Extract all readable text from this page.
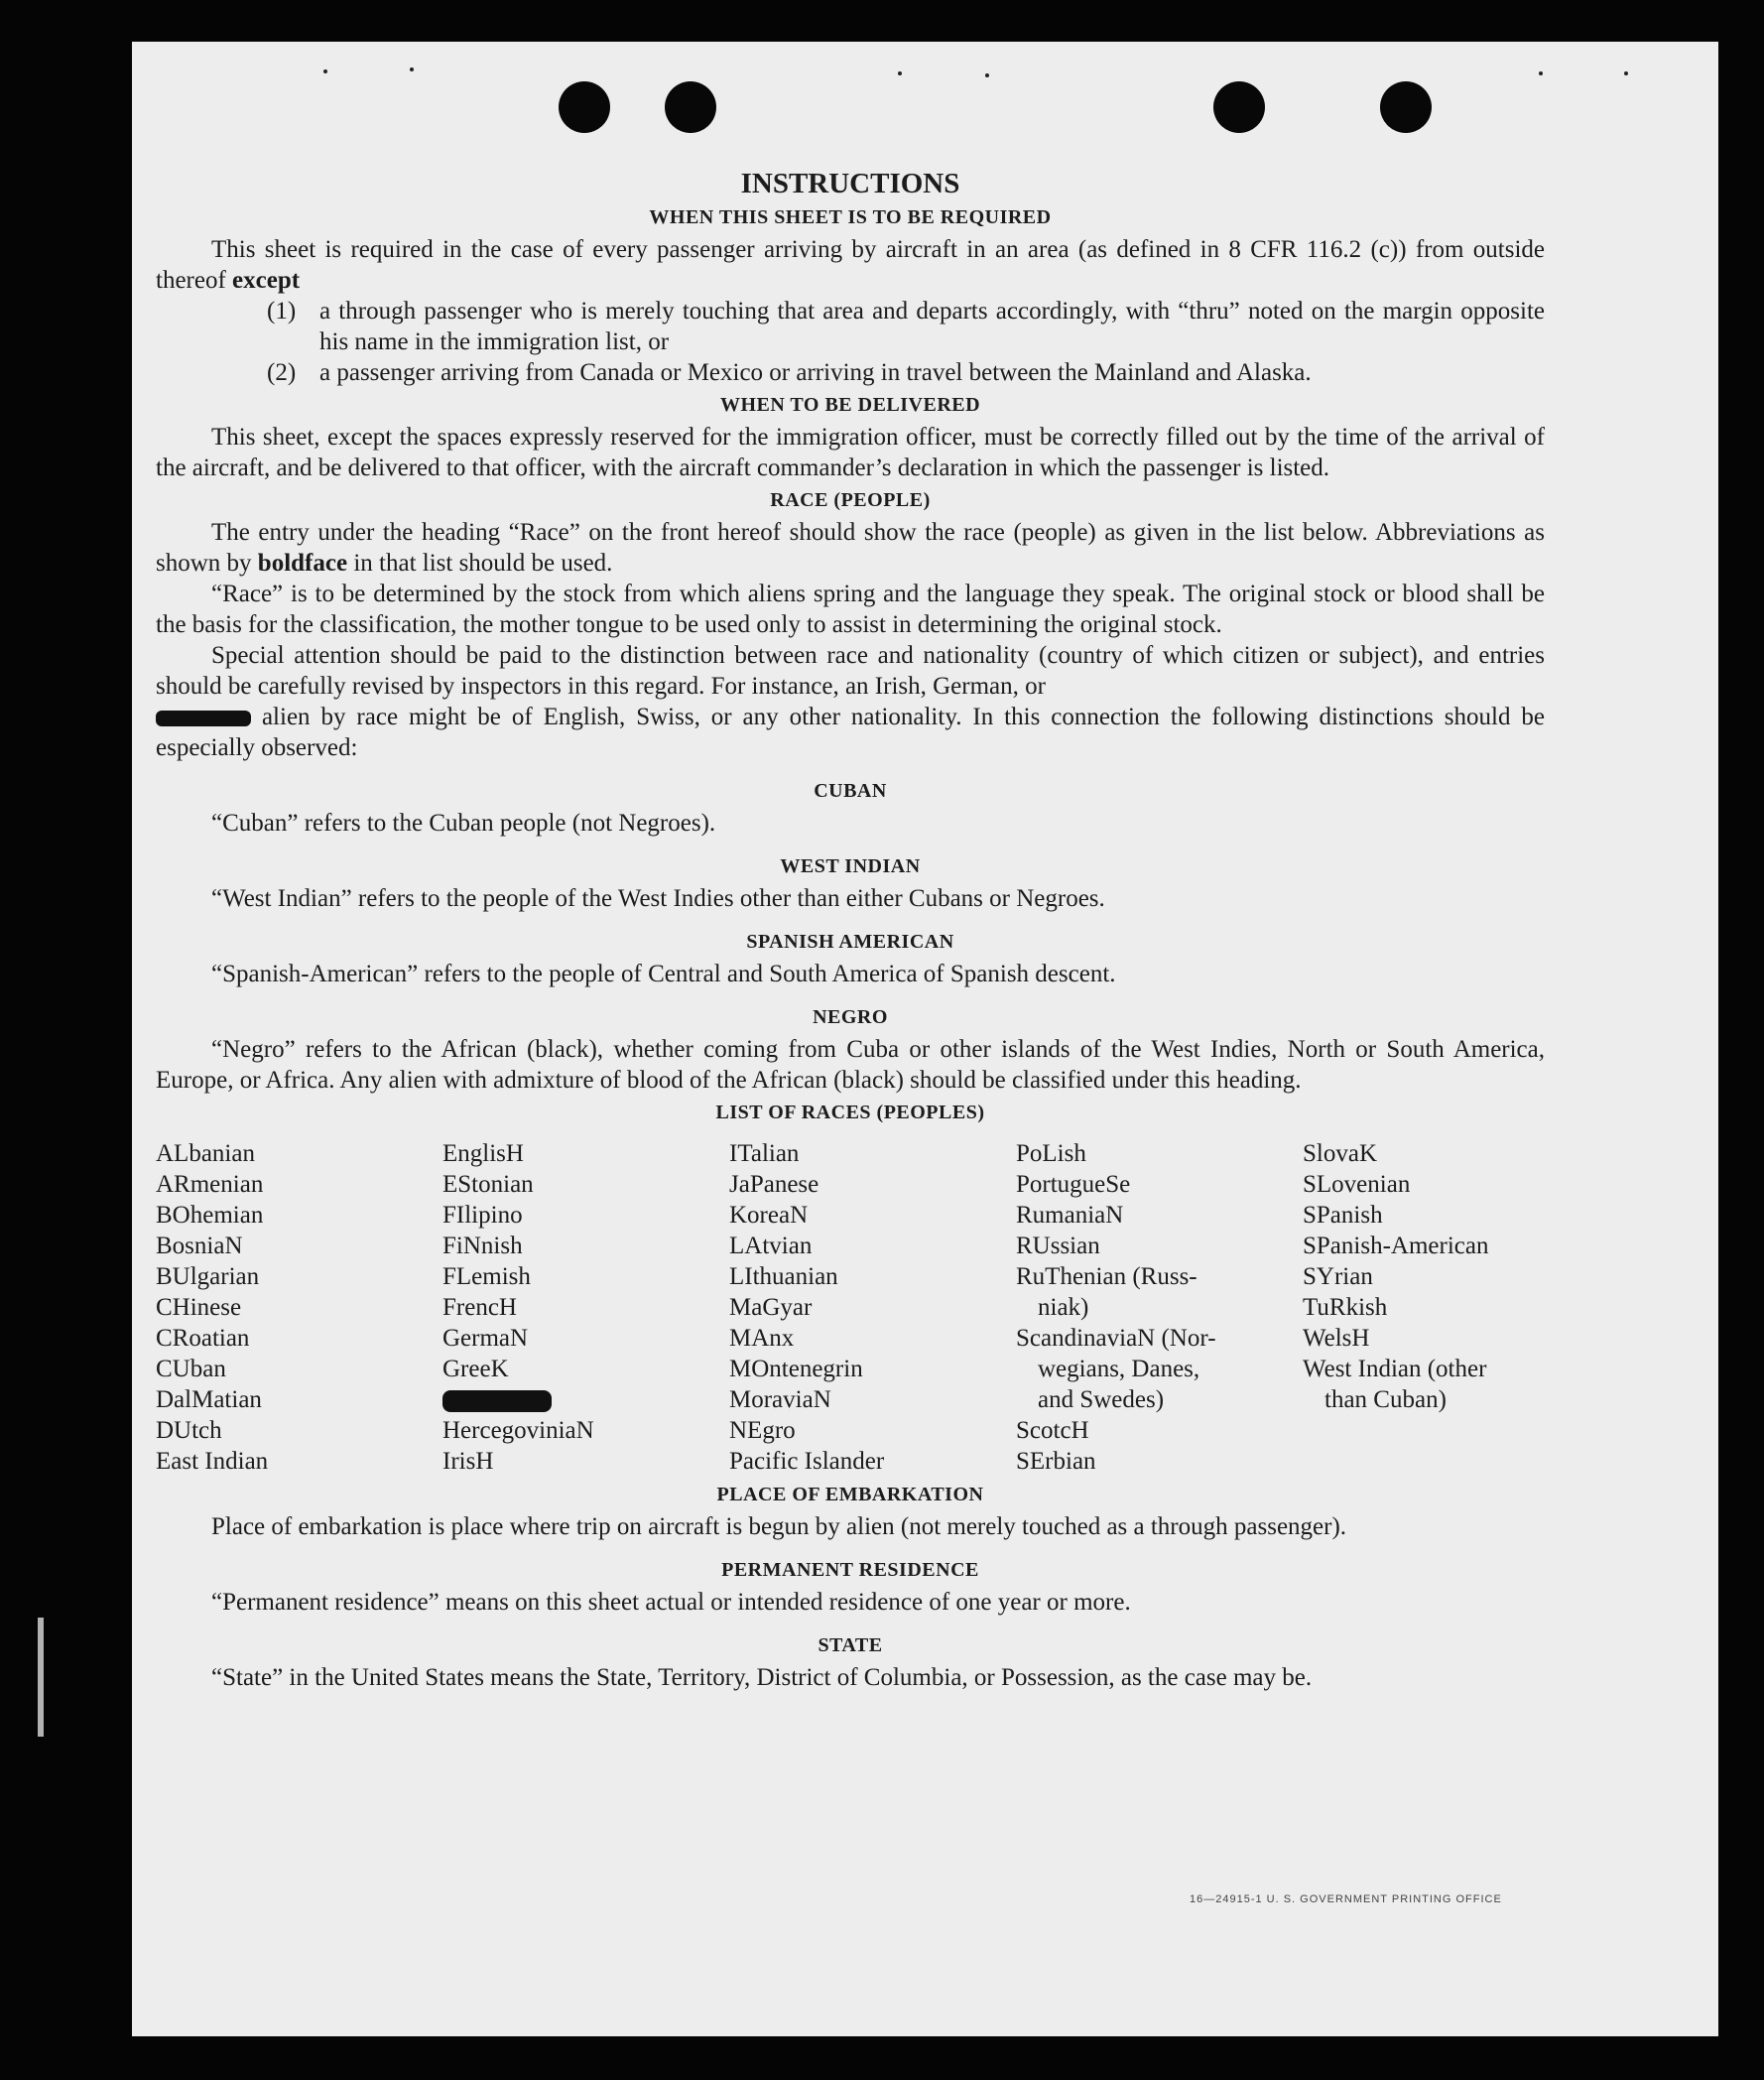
INSTRUCTIONS
WHEN THIS SHEET IS TO BE REQUIRED

This sheet is required in the case of every passenger arriving by aircraft in an area (as defined in 8 CFR 116.2 (c)) from outside thereof except

(1) a through passenger who is merely touching that area and departs accordingly, with “thru” noted on the margin opposite his name in the immigration list, or
(2) a passenger arriving from Canada or Mexico or arriving in travel between the Mainland and Alaska.
WHEN TO BE DELIVERED

This sheet, except the spaces expressly reserved for the immigration officer, must be correctly filled out by the time of the arrival of the aircraft, and be delivered to that officer, with the aircraft commander’s declaration in which the passenger is listed.

RACE (PEOPLE)

The entry under the heading “Race” on the front hereof should show the race (people) as given in the list below. Abbreviations as shown by boldface in that list should be used.

“Race” is to be determined by the stock from which aliens spring and the language they speak. The original stock or blood shall be the basis for the classification, the mother tongue to be used only to assist in determining the original stock.

Special attention should be paid to the distinction between race and nationality (country of which citizen or subject), and entries should be carefully revised by inspectors in this regard. For instance, an Irish, German, or
alien by race might be of English, Swiss, or any other nationality. In this connection the following distinctions should be especially observed:

CUBAN

“Cuban” refers to the Cuban people (not Negroes).

WEST INDIAN

“West Indian” refers to the people of the West Indies other than either Cubans or Negroes.

SPANISH AMERICAN

“Spanish-American” refers to the people of Central and South America of Spanish descent.

NEGRO

“Negro” refers to the African (black), whether coming from Cuba or other islands of the West Indies, North or South America, Europe, or Africa. Any alien with admixture of blood of the African (black) should be classified under this heading.

LIST OF RACES (PEOPLES)
ALbanian
ARmenian
BOhemian
BosniaN
BUlgarian
CHinese
CRoatian
CUban
DalMatian
DUtch
East Indian
EnglisH
EStonian
FIlipino
FiNnish
FLemish
FrencH
GermaN
GreeK
HercegoviniaN
IrisH
ITalian
JaPanese
KoreaN
LAtvian
LIthuanian
MaGyar
MAnx
MOntenegrin
MoraviaN
NEgro
Pacific Islander
PoLish
PortugueSe
RumaniaN
RUssian
RuThenian (Russ-
niak)
ScandinaviaN (Nor-
wegians, Danes,
and Swedes)
ScotcH
SErbian
SlovaK
SLovenian
SPanish
SPanish-American
SYrian
TuRkish
WelsH
West Indian (other
than Cuban)
PLACE OF EMBARKATION

Place of embarkation is place where trip on aircraft is begun by alien (not merely touched as a through passenger).

PERMANENT RESIDENCE

“Permanent residence” means on this sheet actual or intended residence of one year or more.

STATE

“State” in the United States means the State, Territory, District of Columbia, or Possession, as the case may be.

16—24915-1 U. S. GOVERNMENT PRINTING OFFICE
